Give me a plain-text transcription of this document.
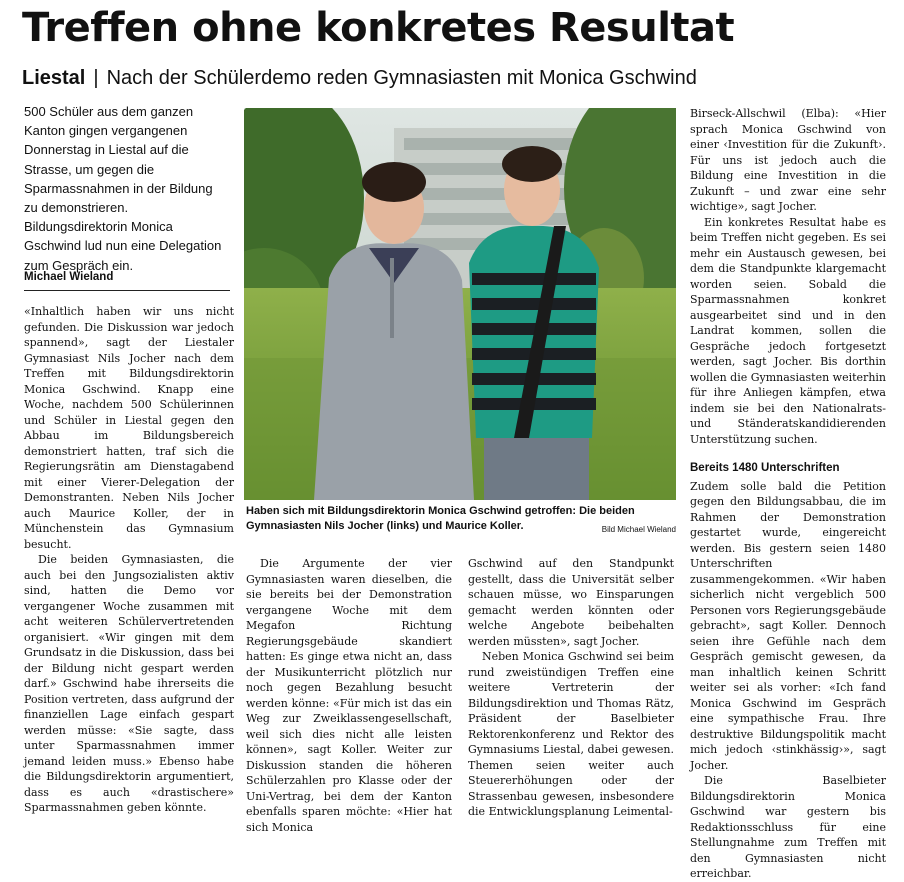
Treffen ohne konkretes Resultat
Liestal | Nach der Schülerdemo reden Gymnasiasten mit Monica Gschwind
500 Schüler aus dem ganzen Kanton gingen vergangenen Donnerstag in Liestal auf die Strasse, um gegen die Sparmassnahmen in der Bildung zu demonstrieren. Bildungsdirektorin Monica Gschwind lud nun eine Delegation zum Gespräch ein.
Michael Wieland

«Inhaltlich haben wir uns nicht gefunden. Die Diskussion war jedoch spannend», sagt der Liestaler Gymnasiast Nils Jocher nach dem Treffen mit Bildungsdirektorin Monica Gschwind. Knapp eine Woche, nachdem 500 Schülerinnen und Schüler in Liestal gegen den Abbau im Bildungsbereich demonstriert hatten, traf sich die Regierungsrätin am Dienstagabend mit einer Vierer-Delegation der Demonstranten. Neben Nils Jocher auch Maurice Koller, der in Münchenstein das Gymnasium besucht.

Die beiden Gymnasiasten, die auch bei den Jungsozialisten aktiv sind, hatten die Demo vor vergangener Woche zusammen mit acht weiteren Schülervertretenden organisiert. «Wir gingen mit dem Grundsatz in die Diskussion, dass bei der Bildung nicht gespart werden darf.» Gschwind habe ihrerseits die Position vertreten, dass aufgrund der finanziellen Lage einfach gespart werden müsse: «Sie sagte, dass unter Sparmassnahmen immer jemand leiden muss.» Ebenso habe die Bildungsdirektorin argumentiert, dass es auch «drastischere» Sparmassnahmen geben könnte.

Haben sich mit Bildungsdirektorin Monica Gschwind getroffen: Die beiden Gymnasiasten Nils Jocher (links) und Maurice Koller.	Bild Michael Wieland

Die Argumente der vier Gymnasiasten waren dieselben, die sie bereits bei der Demonstration vergangene Woche mit dem Megafon Richtung Regierungsgebäude skandiert hatten: Es ginge etwa nicht an, dass der Musikunterricht plötzlich nur noch gegen Bezahlung besucht werden könne: «Für mich ist das ein Weg zur Zweiklassengesellschaft, weil sich dies nicht alle leisten können», sagt Koller. Weiter zur Diskussion standen die höheren Schülerzahlen pro Klasse oder der Uni-Vertrag, bei dem der Kanton ebenfalls sparen möchte: «Hier hat sich Monica

Gschwind auf den Standpunkt gestellt, dass die Universität selber schauen müsse, wo Einsparungen gemacht werden könnten oder welche Angebote beibehalten werden müssten», sagt Jocher.

Neben Monica Gschwind sei beim rund zweistündigen Treffen eine weitere Vertreterin der Bildungsdirektion und Thomas Rätz, Präsident der Baselbieter Rektorenkonferenz und Rektor des Gymnasiums Liestal, dabei gewesen. Themen seien weiter auch Steuererhöhungen oder der Strassenbau gewesen, insbesondere die Entwicklungsplanung Leimental-

Birseck-Allschwil (Elba): «Hier sprach Monica Gschwind von einer ‹Investition für die Zukunft›. Für uns ist jedoch auch die Bildung eine Investition in die Zukunft – und zwar eine sehr wichtige», sagt Jocher.

Ein konkretes Resultat habe es beim Treffen nicht gegeben. Es sei mehr ein Austausch gewesen, bei dem die Standpunkte klargemacht worden seien. Sobald die Sparmassnahmen konkret ausgearbeitet sind und in den Landrat kommen, sollen die Gespräche jedoch fortgesetzt werden, sagt Jocher. Bis dorthin wollen die Gymnasiasten weiterhin für ihre Anliegen kämpfen, etwa indem sie bei den Nationalrats- und Ständeratskandidierenden Unterstützung suchen.

Bereits 1480 Unterschriften

Zudem solle bald die Petition gegen den Bildungsabbau, die im Rahmen der Demonstration gestartet wurde, eingereicht werden. Bis gestern seien 1480 Unterschriften zusammengekommen. «Wir haben sicherlich nicht vergeblich 500 Personen vors Regierungsgebäude gebracht», sagt Koller. Dennoch seien ihre Gefühle nach dem Gespräch gemischt gewesen, da man inhaltlich keinen Schritt weiter sei als vorher: «Ich fand Monica Gschwind im Gespräch eine sympathische Frau. Ihre destruktive Bildungspolitik macht mich jedoch ‹stinkhässig›», sagt Jocher.

Die Baselbieter Bildungsdirektorin Monica Gschwind war gestern bis Redaktionsschluss für eine Stellungnahme zum Treffen mit den Gymnasiasten nicht erreichbar.
